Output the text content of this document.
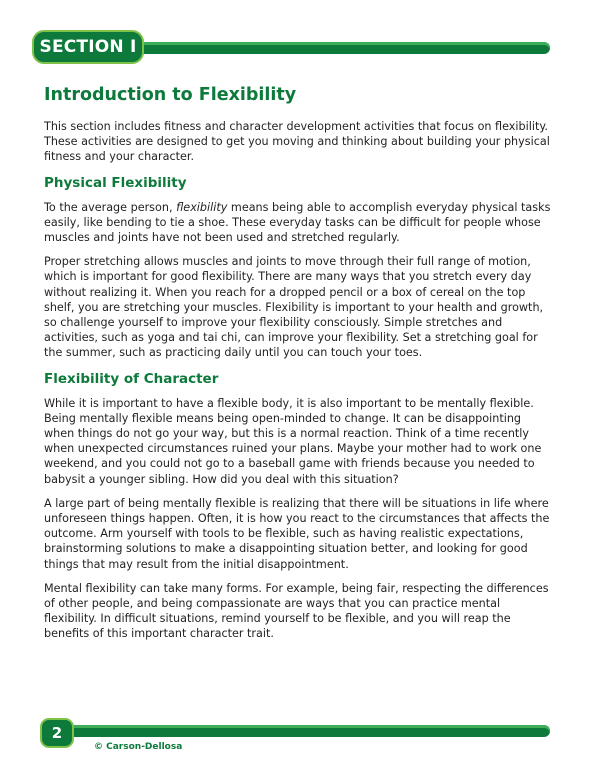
SECTION I
Introduction to Flexibility

This section includes fitness and character development activities that focus on flexibility. These activities are designed to get you moving and thinking about building your physical fitness and your character.

Physical Flexibility

To the average person, flexibility means being able to accomplish everyday physical tasks easily, like bending to tie a shoe. These everyday tasks can be difficult for people whose muscles and joints have not been used and stretched regularly.

Proper stretching allows muscles and joints to move through their full range of motion, which is important for good flexibility. There are many ways that you stretch every day without realizing it. When you reach for a dropped pencil or a box of cereal on the top shelf, you are stretching your muscles. Flexibility is important to your health and growth, so challenge yourself to improve your flexibility consciously. Simple stretches and activities, such as yoga and tai chi, can improve your flexibility. Set a stretching goal for the summer, such as practicing daily until you can touch your toes.

Flexibility of Character

While it is important to have a flexible body, it is also important to be mentally flexible. Being mentally flexible means being open-minded to change. It can be disappointing when things do not go your way, but this is a normal reaction. Think of a time recently when unexpected circumstances ruined your plans. Maybe your mother had to work one weekend, and you could not go to a baseball game with friends because you needed to babysit a younger sibling. How did you deal with this situation?

A large part of being mentally flexible is realizing that there will be situations in life where unforeseen things happen. Often, it is how you react to the circumstances that affects the outcome. Arm yourself with tools to be flexible, such as having realistic expectations, brainstorming solutions to make a disappointing situation better, and looking for good things that may result from the initial disappointment.

Mental flexibility can take many forms. For example, being fair, respecting the differences of other people, and being compassionate are ways that you can practice mental flexibility. In difficult situations, remind yourself to be flexible, and you will reap the benefits of this important character trait.

2
© Carson-Dellosa
